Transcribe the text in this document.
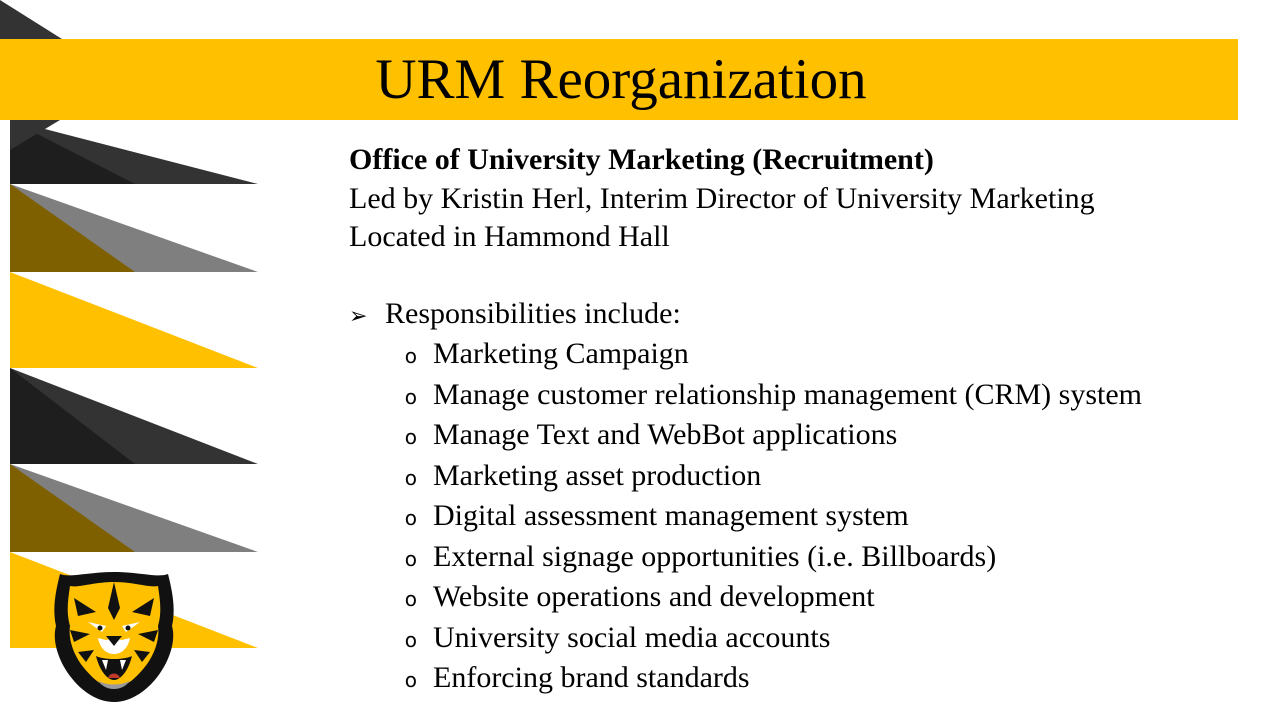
URM Reorganization
Office of University Marketing (Recruitment)
Led by Kristin Herl, Interim Director of University Marketing
Located in Hammond Hall
➢ Responsibilities include:
o Marketing Campaign
o Manage customer relationship management (CRM) system
o Manage Text and WebBot applications
o Marketing asset production
o Digital assessment management system
o External signage opportunities (i.e. Billboards)
o Website operations and development
o University social media accounts
o Enforcing brand standards
